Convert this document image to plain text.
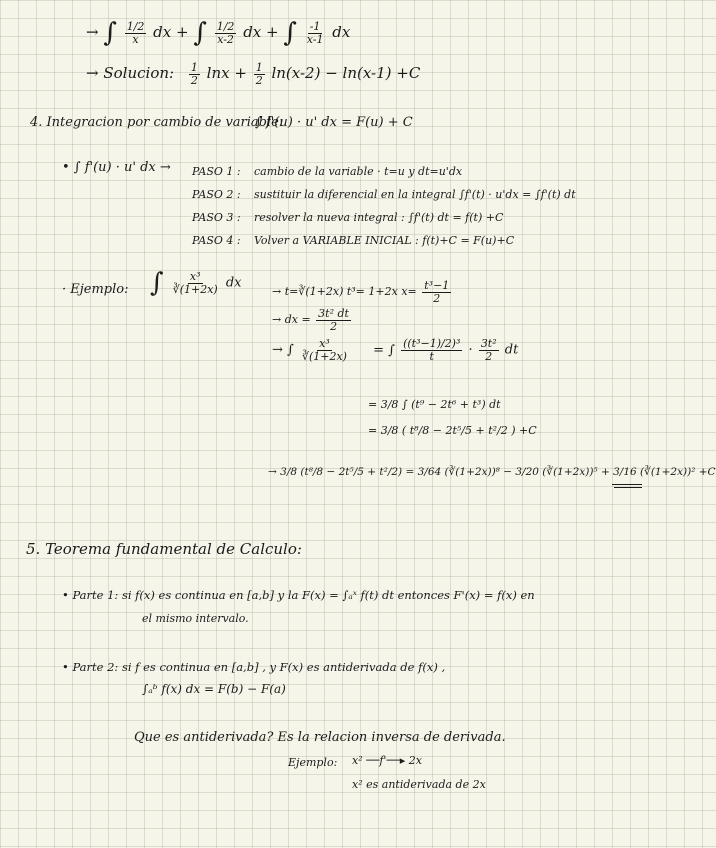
→ ∫ $\frac{1/2}{x}$ dx + ∫ $\frac{1/2}{x-2}$ dx + ∫ $\frac{-1}{x-1}$ dx
→ Solucion: $\frac{1}{2}$ $\ln x + \frac{1}{2} \ln(x-2) - \ln(x-1) +C$
4. Integracion por cambio de variable:
∫ f'(u) · u' dx = F(u) + C
• ∫ f'(u) · u' dx → PASO 1 : cambio de la variable · t=u y dt=u'dx
PASO 2 : sustituir la diferencial en la integral ∫f'(t) · u'dx = ∫f'(t) dt
PASO 3 : resolver la nueva integral : ∫f'(t) dt = f(t) +C
PASO 4 : Volver a VARIABLE INICIAL : f(t)+C = F(u)+C
· Ejemplo: ∫ $\frac{\text{x³}}{∛(1+2x)}$ dx
→ t=∛(1+2x) t³= 1+2x $x= \frac{\text{t³−1}}{2}$
→ dx = $\frac{\text{3t² dt}}{2}$
→ ∫ $\frac{\text{x³}}{∛(1+2x)}$ = ∫ $\frac{\text{((t³−1)/2)³}}{t} \cdot \frac{\text{3t²}}{2}$ dt
= 3/8 ∫ (t⁹ − 2t⁶ + t³) dt
= 3/8 ( t⁸/8 − 2t⁵/5 + t²/2 ) +C
→ 3/8 (t⁸/8 − 2t⁵/5 + t²/2) = 3/64 (∛(1+2x))⁸ − 3/20 (∛(1+2x))⁵ + 3/16 (∛(1+2x))² +C
5. Teorema fundamental de Calculo:
• Parte 1: si f(x) es continua en [a,b] y la F(x) = ∫ₐˣ f(t) dt entonces F'(x) = f(x) en
el mismo intervalo.
• Parte 2: si f es continua en [a,b] , y F(x) es antiderivada de f(x) ,
∫ₐᵇ f(x) dx = F(b) − F(a)
Que es antiderivada? Es la relacion inversa de derivada.
Ejemplo: x² ──f'──▸ 2x
x² es antiderivada de 2x
